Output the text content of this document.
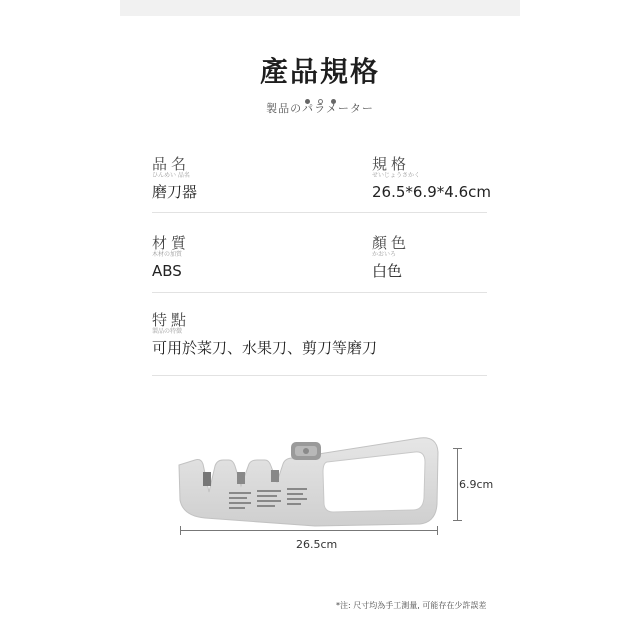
產品規格
製品のパラメーター
品名
ひんめい 品名
磨刀器
規格
せいじょうさかく
26.5*6.9*4.6cm
材質
木材の加質
ABS
顏色
かおいろ
白色
特點
製品の特徴
可用於菜刀、水果刀、剪刀等磨刀
6.9cm
26.5cm
*注: 尺寸均為手工測量, 可能存在少許誤差
